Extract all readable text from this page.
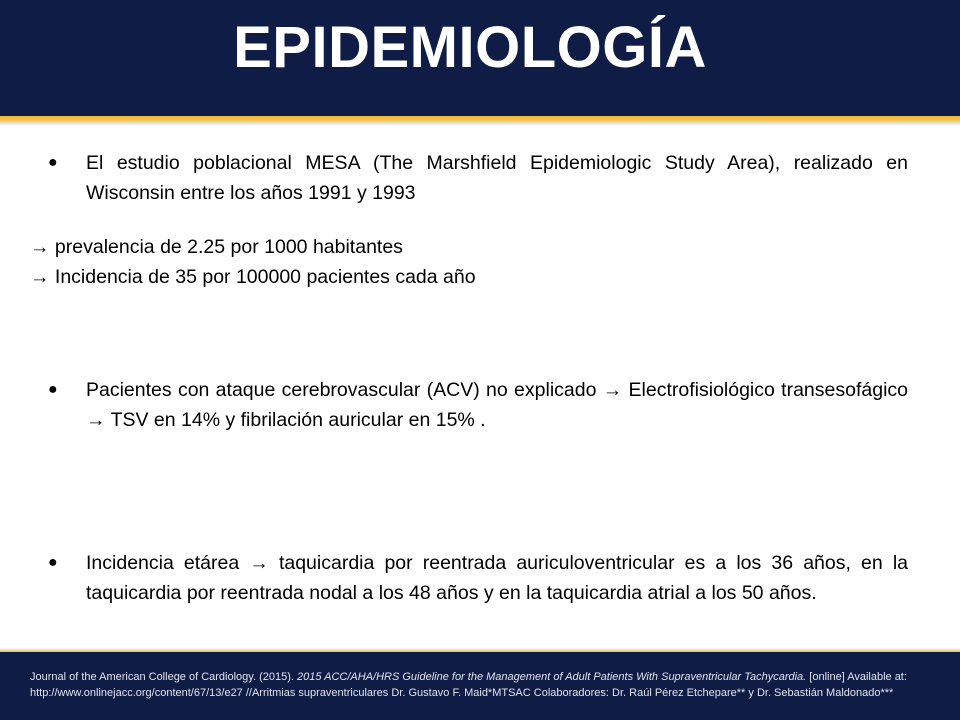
EPIDEMIOLOGÍA
● El estudio poblacional MESA (The Marshfield Epidemiologic Study Area), realizado en Wisconsin entre los años 1991 y 1993
→ prevalencia de 2.25 por 1000 habitantes
→ Incidencia de 35 por 100000 pacientes cada año
● Pacientes con ataque cerebrovascular (ACV) no explicado → Electrofisiológico transesofágico → TSV en 14% y fibrilación auricular en 15% .
● Incidencia etárea → taquicardia por reentrada auriculoventricular es a los 36 años, en la taquicardia por reentrada nodal a los 48 años y en la taquicardia atrial a los 50 años.
Journal of the American College of Cardiology. (2015). 2015 ACC/AHA/HRS Guideline for the Management of Adult Patients With Supraventricular Tachycardia. [online] Available at: http://www.onlinejacc.org/content/67/13/e27 //Arritmias supraventriculares Dr. Gustavo F. Maid*MTSAC Colaboradores: Dr. Raúl Pérez Etchepare** y Dr. Sebastián Maldonado***
